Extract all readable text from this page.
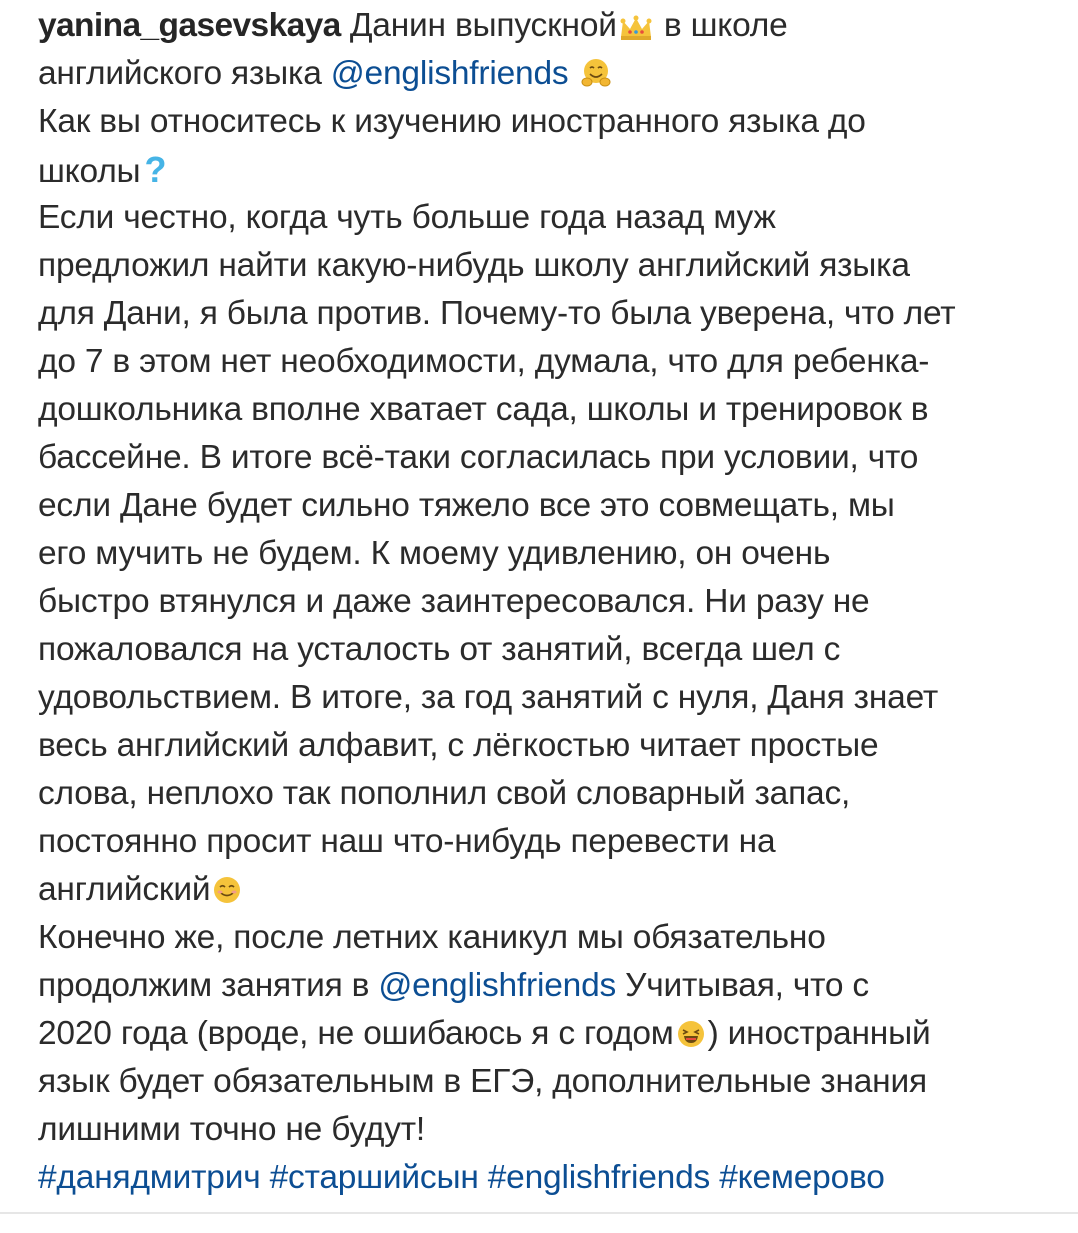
yanina_gasevskaya Данин выпускной
в школе
английского языка @englishfriends
Как вы относитесь к изучению иностранного языка до
школы ?
Если честно, когда чуть больше года назад муж
предложил найти какую-нибудь школу английский языка
для Дани, я была против. Почему-то была уверена, что лет
до 7 в этом нет необходимости, думала, что для ребенка-
дошкольника вполне хватает сада, школы и тренировок в
бассейне. В итоге всё-таки согласилась при условии, что
если Дане будет сильно тяжело все это совмещать, мы
его мучить не будем. К моему удивлению, он очень
быстро втянулся и даже заинтересовался. Ни разу не
пожаловался на усталость от занятий, всегда шел с
удовольствием. В итоге, за год занятий с нуля, Даня знает
весь английский алфавит, с лёгкостью читает простые
слова, неплохо так пополнил свой словарный запас,
постоянно просит наш что-нибудь перевести на
английский
Конечно же, после летних каникул мы обязательно
продолжим занятия в @englishfriends Учитывая, что с
2020 года (вроде, не ошибаюсь я с годом ) иностранный
язык будет обязательным в ЕГЭ, дополнительные знания
лишними точно не будут!
#данядмитрич #старшийсын #englishfriends #кемерово
